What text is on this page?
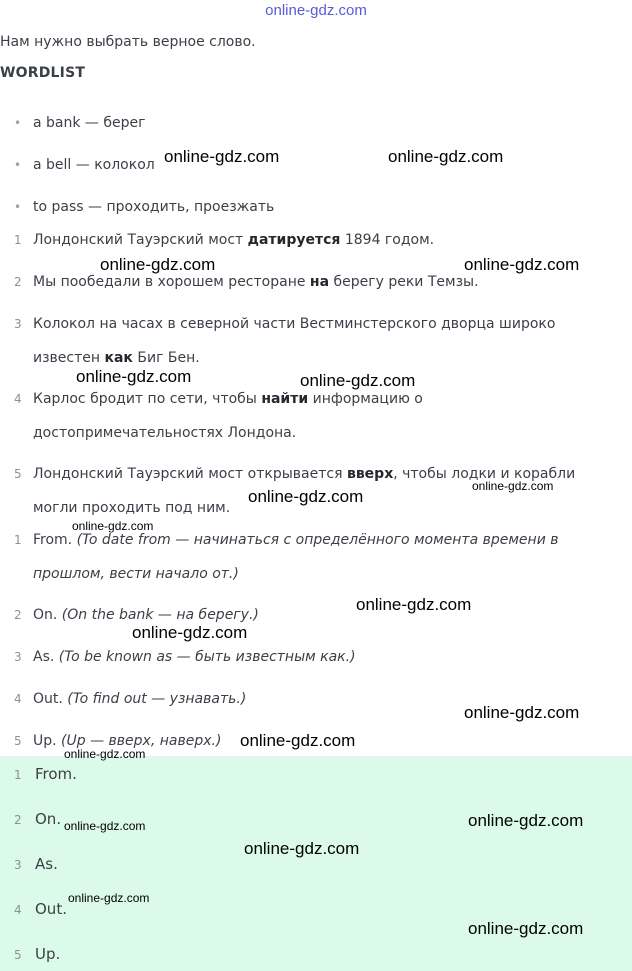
online-gdz.com
Нам нужно выбрать верное слово.
WORDLIST
• a bank — берег
• a bell — колокол
• to pass — проходить, проезжать
1 Лондонский Тауэрский мост датируется 1894 годом.
2 Мы пообедали в хорошем ресторане на берегу реки Темзы.
3 Колокол на часах в северной части Вестминстерского дворца широко
известен как Биг Бен.
4 Карлос бродит по сети, чтобы найти информацию о
достопримечательностях Лондона.
5 Лондонский Тауэрский мост открывается вверх, чтобы лодки и корабли
могли проходить под ним.
1 From. (To date from — начинаться с определённого момента времени в
прошлом, вести начало от.)
2 On. (On the bank — на берегу.)
3 As. (To be known as — быть известным как.)
4 Out. (To find out — узнавать.)
5 Up. (Up — вверх, наверх.)
1 From.
2 On.
3 As.
4 Out.
5 Up.
online-gdz.com	online-gdz.com
online-gdz.com	online-gdz.com
online-gdz.com	online-gdz.com
online-gdz.com
online-gdz.com
online-gdz.com
online-gdz.com
online-gdz.com
online-gdz.com
online-gdz.com
online-gdz.com
online-gdz.com
online-gdz.com
online-gdz.com
online-gdz.com
online-gdz.com
